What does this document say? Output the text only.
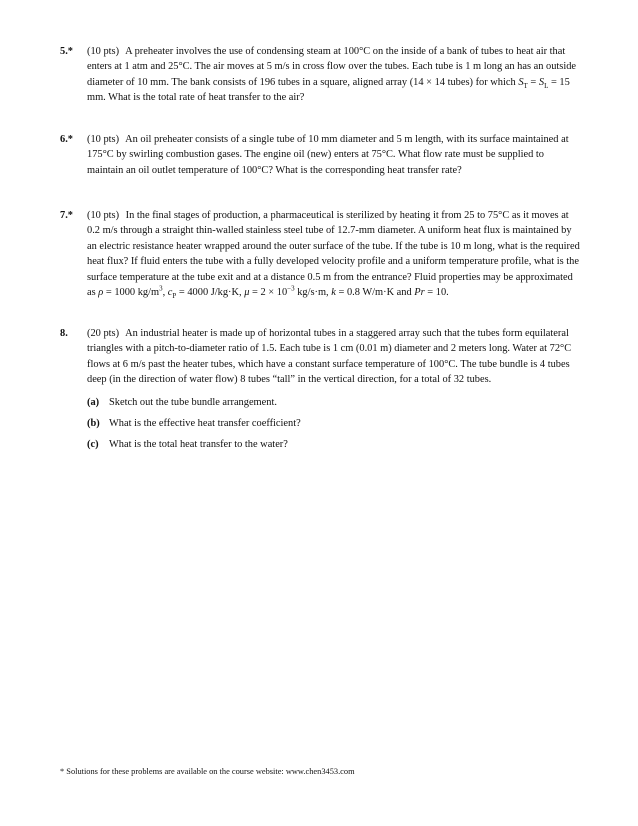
5.*	(10 pts) A preheater involves the use of condensing steam at 100°C on the inside of a bank of tubes to heat air that enters at 1 atm and 25°C. The air moves at 5 m/s in cross flow over the tubes. Each tube is 1 m long an has an outside diameter of 10 mm. The bank consists of 196 tubes in a square, aligned array (14 × 14 tubes) for which $S_T = S_L = 15$ mm. What is the total rate of heat transfer to the air?
6.*	(10 pts) An oil preheater consists of a single tube of 10 mm diameter and 5 m length, with its surface maintained at 175°C by swirling combustion gases. The engine oil (new) enters at 75°C. What flow rate must be supplied to maintain an oil outlet temperature of 100°C? What is the corresponding heat transfer rate?
7.*	(10 pts) In the final stages of production, a pharmaceutical is sterilized by heating it from 25 to 75°C as it moves at 0.2 m/s through a straight thin-walled stainless steel tube of 12.7-mm diameter. A uniform heat flux is maintained by an electric resistance heater wrapped around the outer surface of the tube. If the tube is 10 m long, what is the required heat flux? If fluid enters the tube with a fully developed velocity profile and a uniform temperature profile, what is the surface temperature at the tube exit and at a distance 0.5 m from the entrance? Fluid properties may be approximated as ρ = 1000 $kg/m^3$, $c_P = 4000$ J/kg·K, $\mu = 2 \times 10^{-3}$ kg/s·m, k = 0.8 W/m·K and Pr = 10.
8.	(20 pts) An industrial heater is made up of horizontal tubes in a staggered array such that the tubes form equilateral triangles with a pitch-to-diameter ratio of 1.5. Each tube is 1 cm (0.01 m) diameter and 2 meters long. Water at 72°C flows at 6 m/s past the heater tubes, which have a constant surface temperature of 100°C. The tube bundle is 4 tubes deep (in the direction of water flow) 8 tubes “tall” in the vertical direction, for a total of 32 tubes.
(a) Sketch out the tube bundle arrangement.
(b) What is the effective heat transfer coefficient?
(c) What is the total heat transfer to the water?
* Solutions for these problems are available on the course website: www.chen3453.com
